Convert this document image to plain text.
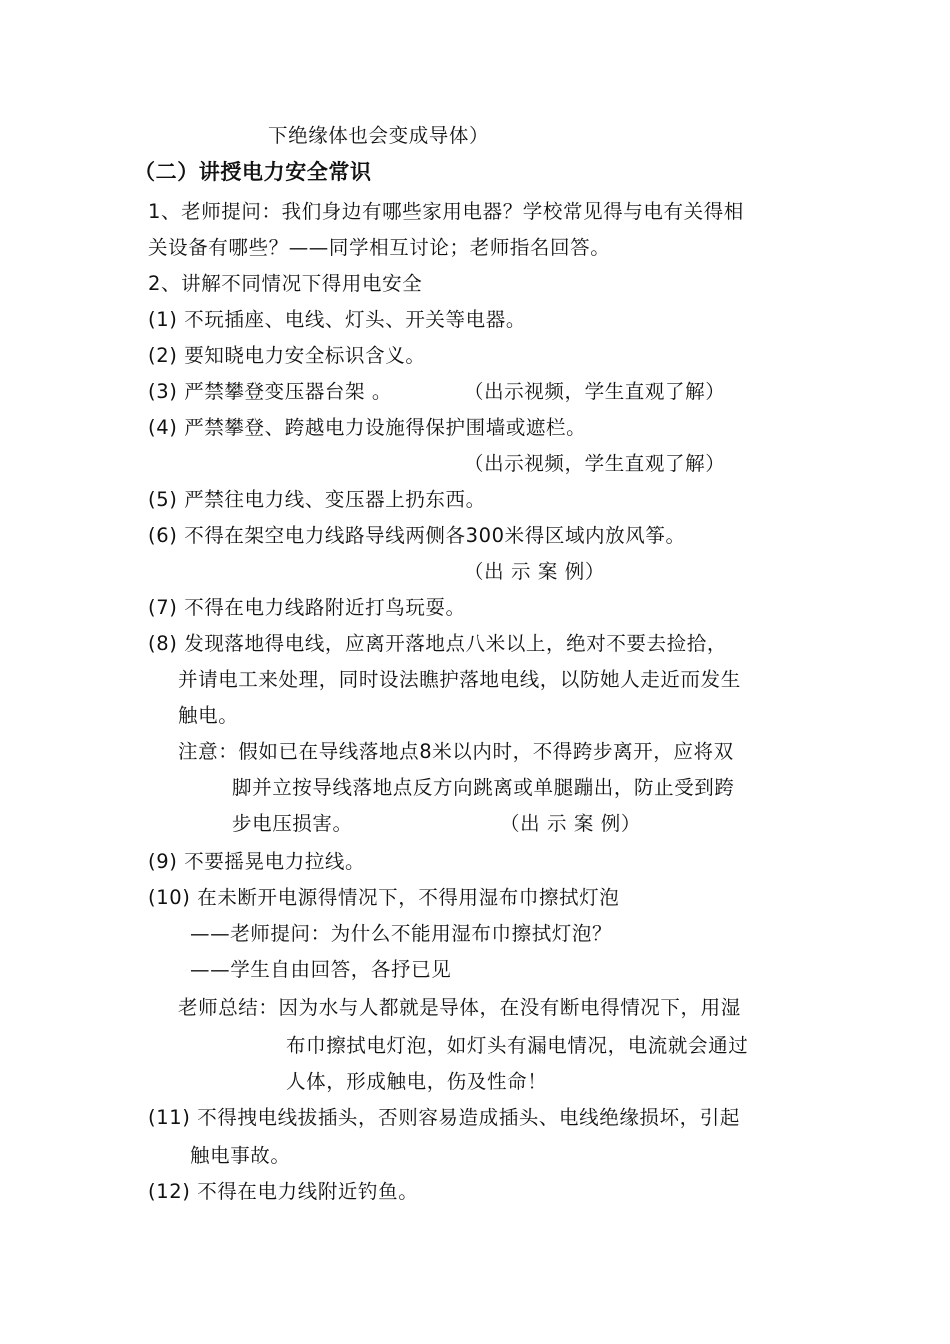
下绝缘体也会变成导体）
（二）讲授电力安全常识
1、老师提问：我们身边有哪些家用电器？学校常见得与电有关得相
关设备有哪些？——同学相互讨论；老师指名回答。
2、讲解不同情况下得用电安全
(1) 不玩插座、电线、灯头、开关等电器。
(2) 要知晓电力安全标识含义。
(3) 严禁攀登变压器台架 。	（出示视频，学生直观了解）
(4) 严禁攀登、跨越电力设施得保护围墙或遮栏。
（出示视频，学生直观了解）
(5) 严禁往电力线、变压器上扔东西。
(6) 不得在架空电力线路导线两侧各300米得区域内放风筝。
（出 示 案 例）
(7) 不得在电力线路附近打鸟玩耍。
(8) 发现落地得电线，应离开落地点八米以上，绝对不要去捡拾，
并请电工来处理，同时设法瞧护落地电线，以防她人走近而发生
触电。
注意：假如已在导线落地点8米以内时，不得跨步离开，应将双
脚并立按导线落地点反方向跳离或单腿蹦出，防止受到跨
步电压损害。	（出 示 案 例）
(9) 不要摇晃电力拉线。
(10) 在未断开电源得情况下，不得用湿布巾擦拭灯泡
——老师提问：为什么不能用湿布巾擦拭灯泡？
——学生自由回答，各抒已见
老师总结：因为水与人都就是导体，在没有断电得情况下，用湿
布巾擦拭电灯泡，如灯头有漏电情况，电流就会通过
人体，形成触电，伤及性命！
(11) 不得拽电线拔插头，否则容易造成插头、电线绝缘损坏，引起
触电事故。
(12) 不得在电力线附近钓鱼。
